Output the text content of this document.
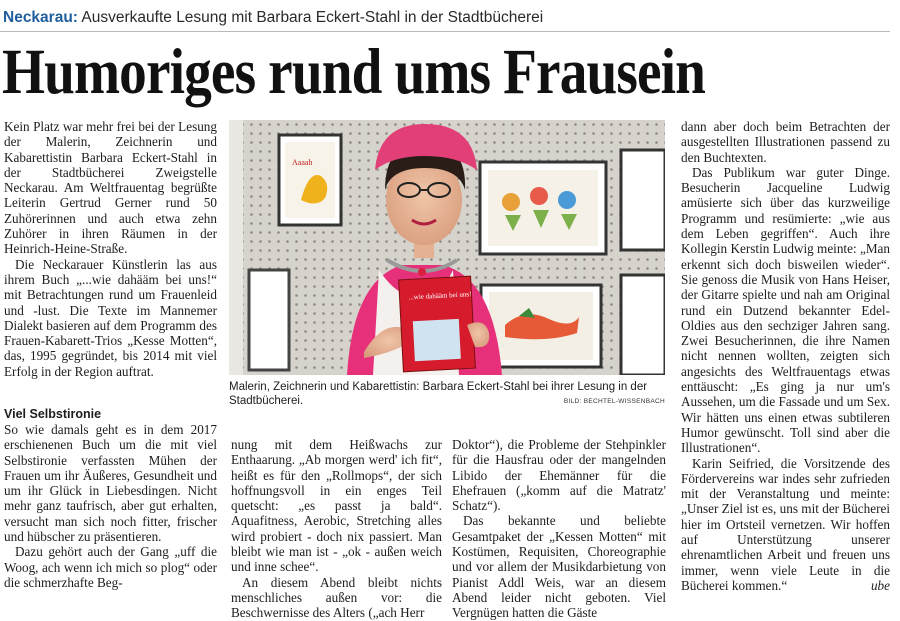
Neckarau: Ausverkaufte Lesung mit Barbara Eckert-Stahl in der Stadtbücherei
Humoriges rund ums Frausein

Kein Platz war mehr frei bei der Lesung der Malerin, Zeichnerin und Kabarettistin Barbara Eckert-Stahl in der Stadtbücherei Zweigstelle Neckarau. Am Weltfrauentag begrüßte Leiterin Gertrud Gerner rund 50 Zuhörerinnen und auch etwa zehn Zuhörer in ihren Räumen in der Heinrich-Heine-Straße.

Die Neckarauer Künstlerin las aus ihrem Buch „...wie dahääm bei uns!“ mit Betrachtungen rund um Frauenleid und -lust. Die Texte im Mannemer Dialekt basieren auf dem Programm des Frauen-Kabarett-Trios „Kesse Motten“, das, 1995 gegründet, bis 2014 mit viel Erfolg in der Region auftrat.

Viel Selbstironie

So wie damals geht es in dem 2017 erschienenen Buch um die mit viel Selbstironie verfassten Mühen der Frauen um ihr Äußeres, Gesundheit und um ihr Glück in Liebesdingen. Nicht mehr ganz taufrisch, aber gut erhalten, versucht man sich noch fitter, frischer und hübscher zu präsentieren.

Dazu gehört auch der Gang „uff die Woog, ach wenn ich mich so plog“ oder die schmerzhafte Beg-

Aaaah
...wie dahääm bei uns!
Malerin, Zeichnerin und Kabarettistin: Barbara Eckert-Stahl bei ihrer Lesung in der Stadtbücherei.	BILD: BECHTEL-WISSENBACH

nung mit dem Heißwachs zur Enthaarung. „Ab morgen werd' ich fit“, heißt es für den „Rollmops“, der sich hoffnungsvoll in ein enges Teil quetscht: „es passt ja bald“. Aquafitness, Aerobic, Stretching alles wird probiert - doch nix passiert. Man bleibt wie man ist - „ok - außen weich und inne schee“.

An diesem Abend bleibt nichts menschliches außen vor: die Beschwernisse des Alters („ach Herr

Doktor“), die Probleme der Stehpinkler für die Hausfrau oder der mangelnden Libido der Ehemänner für die Ehefrauen („komm auf die Matratz' Schatz“).

Das bekannte und beliebte Gesamtpaket der „Kessen Motten“ mit Kostümen, Requisiten, Choreographie und vor allem der Musikdarbietung von Pianist Addl Weis, war an diesem Abend leider nicht geboten. Viel Vergnügen hatten die Gäste

dann aber doch beim Betrachten der ausgestellten Illustrationen passend zu den Buchtexten.

Das Publikum war guter Dinge. Besucherin Jacqueline Ludwig amüsierte sich über das kurzweilige Programm und resümierte: „wie aus dem Leben gegriffen“. Auch ihre Kollegin Kerstin Ludwig meinte: „Man erkennt sich doch bisweilen wieder“. Sie genoss die Musik von Hans Heiser, der Gitarre spielte und nah am Original rund ein Dutzend bekannter Edel-Oldies aus den sechziger Jahren sang. Zwei Besucherinnen, die ihre Namen nicht nennen wollten, zeigten sich angesichts des Weltfrauentags etwas enttäuscht: „Es ging ja nur um's Aussehen, um die Fassade und um Sex. Wir hätten uns einen etwas subtileren Humor gewünscht. Toll sind aber die Illustrationen“.

Karin Seifried, die Vorsitzende des Fördervereins war indes sehr zufrieden mit der Veranstaltung und meinte: „Unser Ziel ist es, uns mit der Bücherei hier im Ortsteil vernetzen. Wir hoffen auf Unterstützung unserer ehrenamtlichen Arbeit und freuen uns immer, wenn viele Leute in die Bücherei kommen.“	ube
